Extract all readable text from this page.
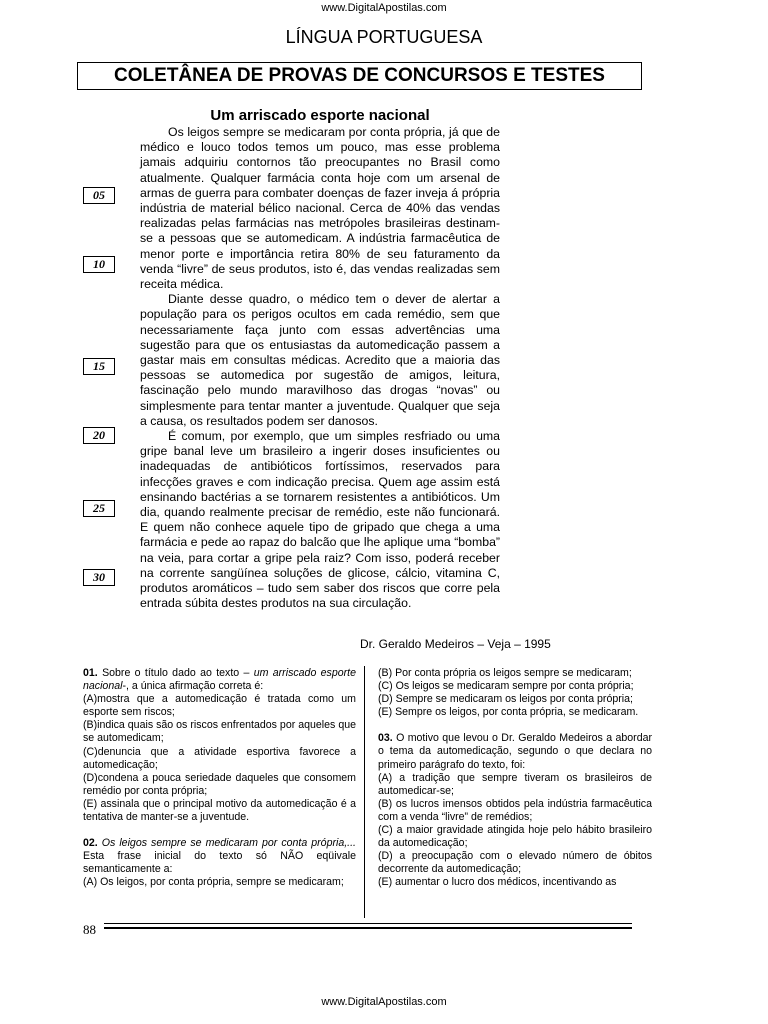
www.DigitalApostilas.com
LÍNGUA PORTUGUESA
COLETÂNEA DE PROVAS DE CONCURSOS E TESTES
Um arriscado esporte nacional

Os leigos sempre se medicaram por conta própria, já que de médico e louco todos temos um pouco, mas esse problema jamais adquiriu contornos tão preocupantes no Brasil como atualmente. Qualquer farmácia conta hoje com um arsenal de armas de guerra para combater doenças de fazer inveja á própria indústria de material bélico nacional. Cerca de 40% das vendas realizadas pelas farmácias nas metrópoles brasileiras destinam-se a pessoas que se automedicam. A indústria farmacêutica de menor porte e importância retira 80% de seu faturamento da venda “livre” de seus produtos, isto é, das vendas realizadas sem receita médica.

Diante desse quadro, o médico tem o dever de alertar a população para os perigos ocultos em cada remédio, sem que necessariamente faça junto com essas advertências uma sugestão para que os entusiastas da automedicação passem a gastar mais em consultas médicas. Acredito que a maioria das pessoas se automedica por sugestão de amigos, leitura, fascinação pelo mundo maravilhoso das drogas “novas” ou simplesmente para tentar manter a juventude. Qualquer que seja a causa, os resultados podem ser danosos.

É comum, por exemplo, que um simples resfriado ou uma gripe banal leve um brasileiro a ingerir doses insuficientes ou inadequadas de antibióticos fortíssimos, reservados para infecções graves e com indicação precisa. Quem age assim está ensinando bactérias a se tornarem resistentes a antibióticos. Um dia, quando realmente precisar de remédio, este não funcionará. E quem não conhece aquele tipo de gripado que chega a uma farmácia e pede ao rapaz do balcão que lhe aplique uma “bomba” na veia, para cortar a gripe pela raiz? Com isso, poderá receber na corrente sangüínea soluções de glicose, cálcio, vitamina C, produtos aromáticos – tudo sem saber dos riscos que corre pela entrada súbita destes produtos na sua circulação.

05
10
15
20
25
30
Dr. Geraldo Medeiros – Veja – 1995

01. Sobre o título dado ao texto – um arriscado esporte nacional-, a única afirmação correta é:

(A)mostra que a automedicação é tratada como um esporte sem riscos;

(B)indica quais são os riscos enfrentados por aqueles que se automedicam;

(C)denuncia que a atividade esportiva favorece a automedicação;

(D)condena a pouca seriedade daqueles que consomem remédio por conta própria;

(E) assinala que o principal motivo da automedicação é a tentativa de manter-se a juventude.

02. Os leigos sempre se medicaram por conta própria,... Esta frase inicial do texto só NÃO eqüivale semanticamente a:

(A) Os leigos, por conta própria, sempre se medicaram;

(B) Por conta própria os leigos sempre se medicaram;

(C) Os leigos se medicaram sempre por conta própria;

(D) Sempre se medicaram os leigos por conta própria;

(E) Sempre os leigos, por conta própria, se medicaram.

03. O motivo que levou o Dr. Geraldo Medeiros a abordar o tema da automedicação, segundo o que declara no primeiro parágrafo do texto, foi:

(A) a tradição que sempre tiveram os brasileiros de automedicar-se;

(B) os lucros imensos obtidos pela indústria farmacêutica com a venda “livre” de remédios;

(C) a maior gravidade atingida hoje pelo hábito brasileiro da automedicação;

(D) a preocupação com o elevado número de óbitos decorrente da automedicação;

(E) aumentar o lucro dos médicos, incentivando as

88
www.DigitalApostilas.com
